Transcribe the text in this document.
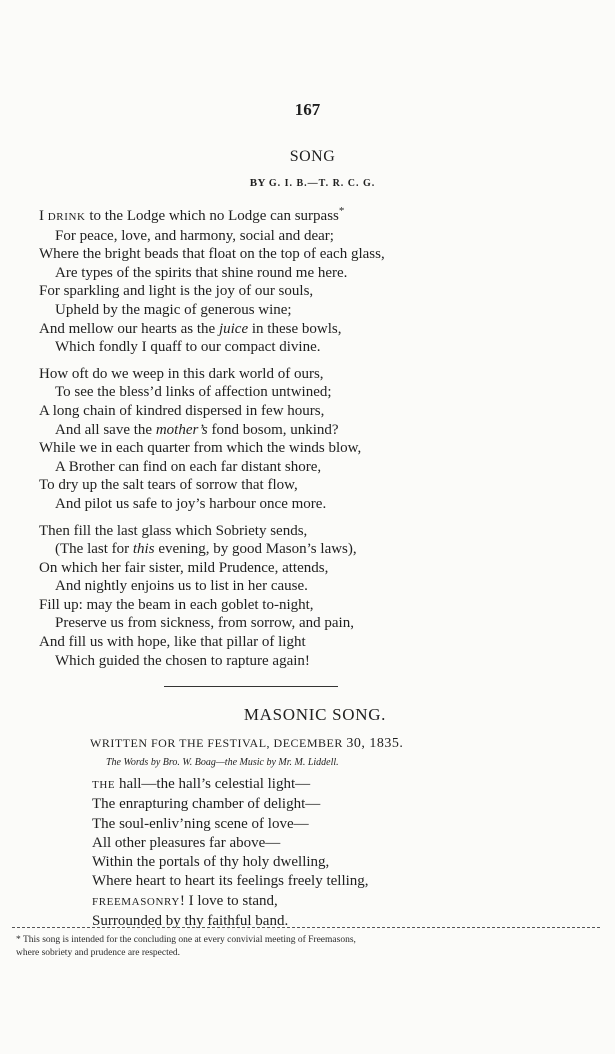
167
SONG
BY G. I. B.—T. R. C. G.
I DRINK to the Lodge which no Lodge can surpass*
For peace, love, and harmony, social and dear;
Where the bright beads that float on the top of each glass,
Are types of the spirits that shine round me here.
For sparkling and light is the joy of our souls,
Upheld by the magic of generous wine;
And mellow our hearts as the juice in these bowls,
Which fondly I quaff to our compact divine.
How oft do we weep in this dark world of ours,
To see the bless’d links of affection untwined;
A long chain of kindred dispersed in few hours,
And all save the mother’s fond bosom, unkind?
While we in each quarter from which the winds blow,
A Brother can find on each far distant shore,
To dry up the salt tears of sorrow that flow,
And pilot us safe to joy’s harbour once more.
Then fill the last glass which Sobriety sends,
(The last for this evening, by good Mason’s laws),
On which her fair sister, mild Prudence, attends,
And nightly enjoins us to list in her cause.
Fill up: may the beam in each goblet to-night,
Preserve us from sickness, from sorrow, and pain,
And fill us with hope, like that pillar of light
Which guided the chosen to rapture again!
MASONIC SONG.
WRITTEN FOR THE FESTIVAL, DECEMBER 30, 1835.
The Words by Bro. W. Boag—the Music by Mr. M. Liddell.
THE hall—the hall’s celestial light—
The enrapturing chamber of delight—
The soul-enliv’ning scene of love—
All other pleasures far above—
Within the portals of thy holy dwelling,
Where heart to heart its feelings freely telling,
FREEMASONRY! I love to stand,
Surrounded by thy faithful band.
* This song is intended for the concluding one at every convivial meeting of Freemasons,
where sobriety and prudence are respected.
